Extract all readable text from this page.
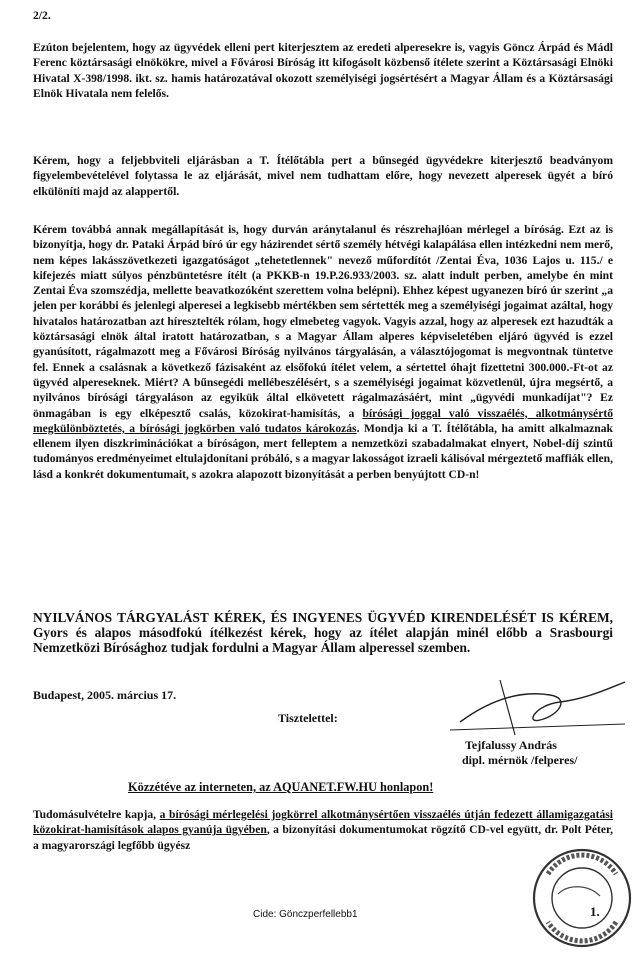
2/2.
Ezúton bejelentem, hogy az ügyvédek elleni pert kiterjesztem az eredeti alperesekre is, vagyis Göncz Árpád és Mádl Ferenc köztársasági elnökökre, mivel a Fővárosi Bíróság itt kifogásolt közbenső ítélete szerint a Köztársasági Elnöki Hivatal X-398/1998. ikt. sz. hamis határozatával okozott személyiségi jogsértésért a Magyar Állam és a Köztársasági Elnök Hivatala nem felelős.
Kérem, hogy a feljebbviteli eljárásban a T. Ítélőtábla pert a bűnsegéd ügyvédekre kiterjesztő beadványom figyelembevételével folytassa le az eljárását, mivel nem tudhattam előre, hogy nevezett alperesek ügyét a bíró elkülöníti majd az alappertől.
Kérem továbbá annak megállapítását is, hogy durván aránytalanul és részrehajlóan mérlegel a bíróság. Ezt az is bizonyítja, hogy dr. Pataki Árpád bíró úr egy házirendet sértő személy hétvégi kalapálása ellen intézkedni nem merő, nem képes lakásszövetkezeti igazgatóságot „tehetetlennek" nevező műfordítót /Zentai Éva, 1036 Lajos u. 115./ e kifejezés miatt súlyos pénzbüntetésre ítélt (a PKKB-n 19.P.26.933/2003. sz. alatt indult perben, amelybe én mint Zentai Éva szomszédja, mellette beavatkozóként szerettem volna belépni). Ehhez képest ugyanezen bíró úr szerint „a jelen per korábbi és jelenlegi alperesei a legkisebb mértékben sem sértették meg a személyiségi jogaimat azáltal, hogy hivatalos határozatban azt híresztelték rólam, hogy elmebeteg vagyok. Vagyis azzal, hogy az alperesek ezt hazudták a köztársasági elnök által iratott határozatban, s a Magyar Állam alperes képviseletében eljáró ügyvéd is ezzel gyanúsított, rágalmazott meg a Fővárosi Bíróság nyilvános tárgyalásán, a választójogomat is megvontnak tüntetve fel. Ennek a csalásnak a következő fázisaként az elsőfokú ítélet velem, a sértettel óhajt fizettetni 300.000.-Ft-ot az ügyvéd alpereseknek. Miért? A bűnsegédi mellébeszélésért, s a személyiségi jogaimat közvetlenül, újra megsértő, a nyilvános bírósági tárgyaláson az egyikük által elkövetett rágalmazásáért, mint „ügyvédi munkadíjat"? Ez önmagában is egy elképesztő csalás, közokirat-hamisítás, a bírósági joggal való visszaélés, alkotmánysértő megkülönböztetés, a bírósági jogkörben való tudatos károkozás. Mondja ki a T. Ítélőtábla, ha amitt alkalmaznak ellenem ilyen diszkriminációkat a bíróságon, mert felleptem a nemzetközi szabadalmakat elnyert, Nobel-díj szintű tudományos eredményeimet eltulajdonítani próbáló, s a magyar lakosságot izraeli kálisóval mérgeztető maffiák ellen, lásd a konkrét dokumentumait, s azokra alapozott bizonyítását a perben benyújtott CD-n!
NYILVÁNOS TÁRGYALÁST KÉREK, ÉS INGYENES ÜGYVÉD KIRENDELÉSÉT IS KÉREM, Gyors és alapos másodfokú ítélkezést kérek, hogy az ítélet alapján minél előbb a Srasbourgi Nemzetközi Bírósághoz tudjak fordulni a Magyar Állam alperessel szemben.
Budapest, 2005. március 17.
Tisztelettel:
Tejfalussy András
dipl. mérnök /felperes/
Közzétéve az interneten, az AQUANET.FW.HU honlapon!
Tudomásulvételre kapja, a bírósági mérlegelési jogkörrel alkotmánysértően visszaélés útján fedezett államigazgatási közokirat-hamisítások alapos gyanúja ügyében, a bizonyítási dokumentumokat rögzítő CD-vel együtt, dr. Polt Péter, a magyarországi legfőbb ügyész
Cide: Gönczperfellebb1	1.
